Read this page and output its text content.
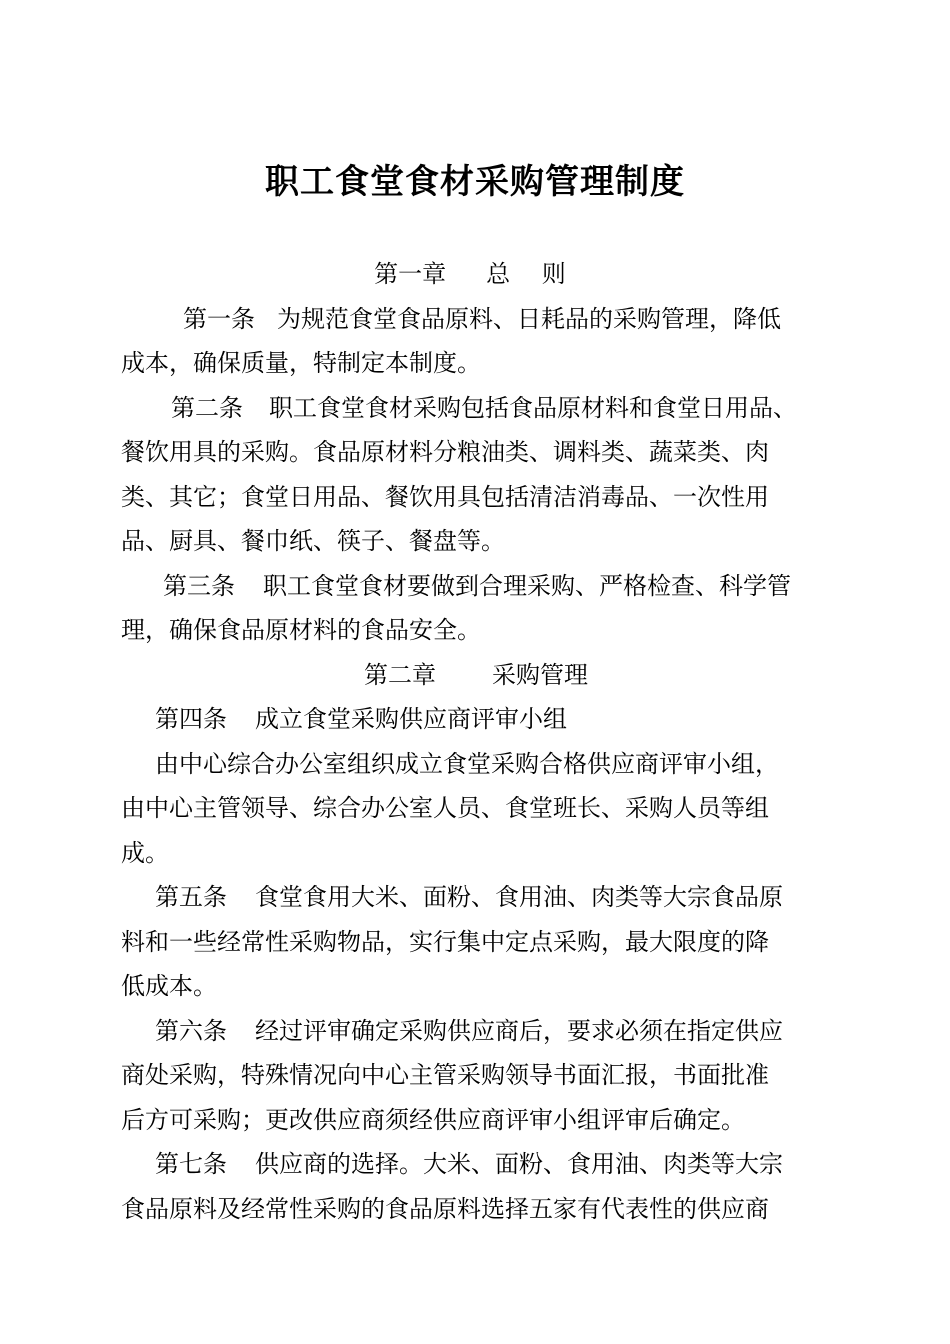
职工食堂食材采购管理制度
第一章 总 则
第一条 为规范食堂食品原料、日耗品的采购管理，降低
成本，确保质量，特制定本制度。
第二条 职工食堂食材采购包括食品原材料和食堂日用品、
餐饮用具的采购。食品原材料分粮油类、调料类、蔬菜类、肉
类、其它；食堂日用品、餐饮用具包括清洁消毒品、一次性用
品、厨具、餐巾纸、筷子、餐盘等。
第三条 职工食堂食材要做到合理采购、严格检查、科学管
理，确保食品原材料的食品安全。
第二章 采购管理
第四条 成立食堂采购供应商评审小组
由中心综合办公室组织成立食堂采购合格供应商评审小组，
由中心主管领导、综合办公室人员、食堂班长、采购人员等组
成。
第五条 食堂食用大米、面粉、食用油、肉类等大宗食品原
料和一些经常性采购物品，实行集中定点采购，最大限度的降
低成本。
第六条 经过评审确定采购供应商后，要求必须在指定供应
商处采购，特殊情况向中心主管采购领导书面汇报，书面批准
后方可采购；更改供应商须经供应商评审小组评审后确定。
第七条 供应商的选择。大米、面粉、食用油、肉类等大宗
食品原料及经常性采购的食品原料选择五家有代表性的供应商
